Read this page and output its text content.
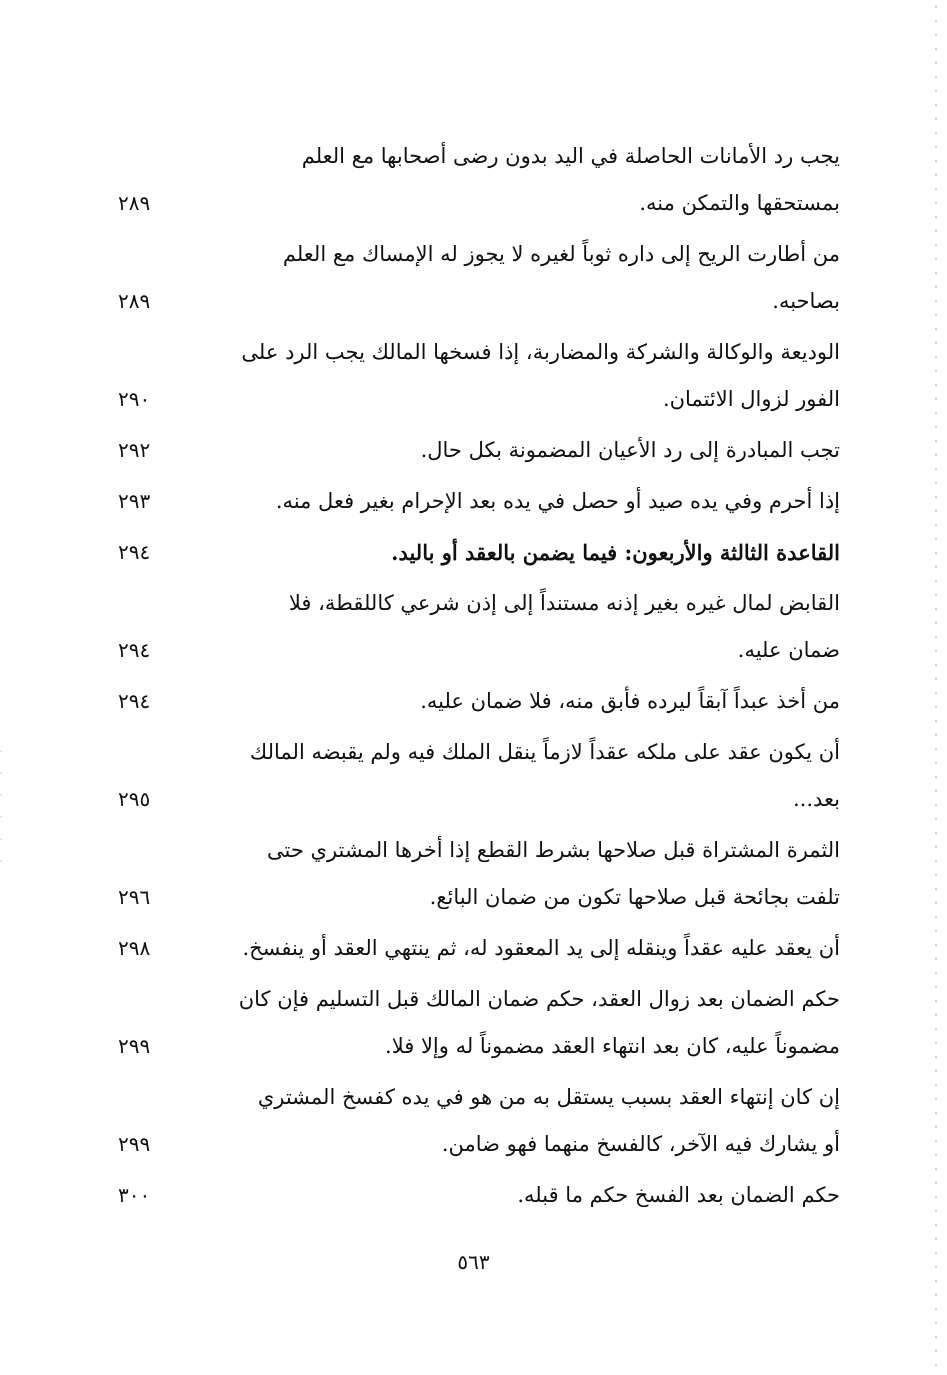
يجب رد الأمانات الحاصلة في اليد بدون رضى أصحابها مع العلم بمستحقها والتمكن منه.
٢٨٩
من أطارت الريح إلى داره ثوباً لغيره لا يجوز له الإمساك مع العلم بصاحبه.
٢٨٩
الوديعة والوكالة والشركة والمضاربة، إذا فسخها المالك يجب الرد على الفور لزوال الائتمان.
٢٩٠
تجب المبادرة إلى رد الأعيان المضمونة بكل حال.
٢٩٢
إذا أحرم وفي يده صيد أو حصل في يده بعد الإحرام بغير فعل منه.
٢٩٣
القاعدة الثالثة والأربعون: فيما يضمن بالعقد أو باليد.
٢٩٤
القابض لمال غيره بغير إذنه مستنداً إلى إذن شرعي كاللقطة، فلا ضمان عليه.
٢٩٤
من أخذ عبداً آبقاً ليرده فأبق منه، فلا ضمان عليه.
٢٩٤
أن يكون عقد على ملكه عقداً لازماً ينقل الملك فيه ولم يقبضه المالك بعد...
٢٩٥
الثمرة المشتراة قبل صلاحها بشرط القطع إذا أخرها المشتري حتى تلفت بجائحة قبل صلاحها تكون من ضمان البائع.
٢٩٦
أن يعقد عليه عقداً وينقله إلى يد المعقود له، ثم ينتهي العقد أو ينفسخ.
٢٩٨
حكم الضمان بعد زوال العقد، حكم ضمان المالك قبل التسليم فإن كان مضموناً عليه، كان بعد انتهاء العقد مضموناً له وإلا فلا.
٢٩٩
إن كان إنتهاء العقد بسبب يستقل به من هو في يده كفسخ المشتري أو يشارك فيه الآخر، كالفسخ منهما فهو ضامن.
٢٩٩
حكم الضمان بعد الفسخ حكم ما قبله.
٣٠٠
٥٦٣
